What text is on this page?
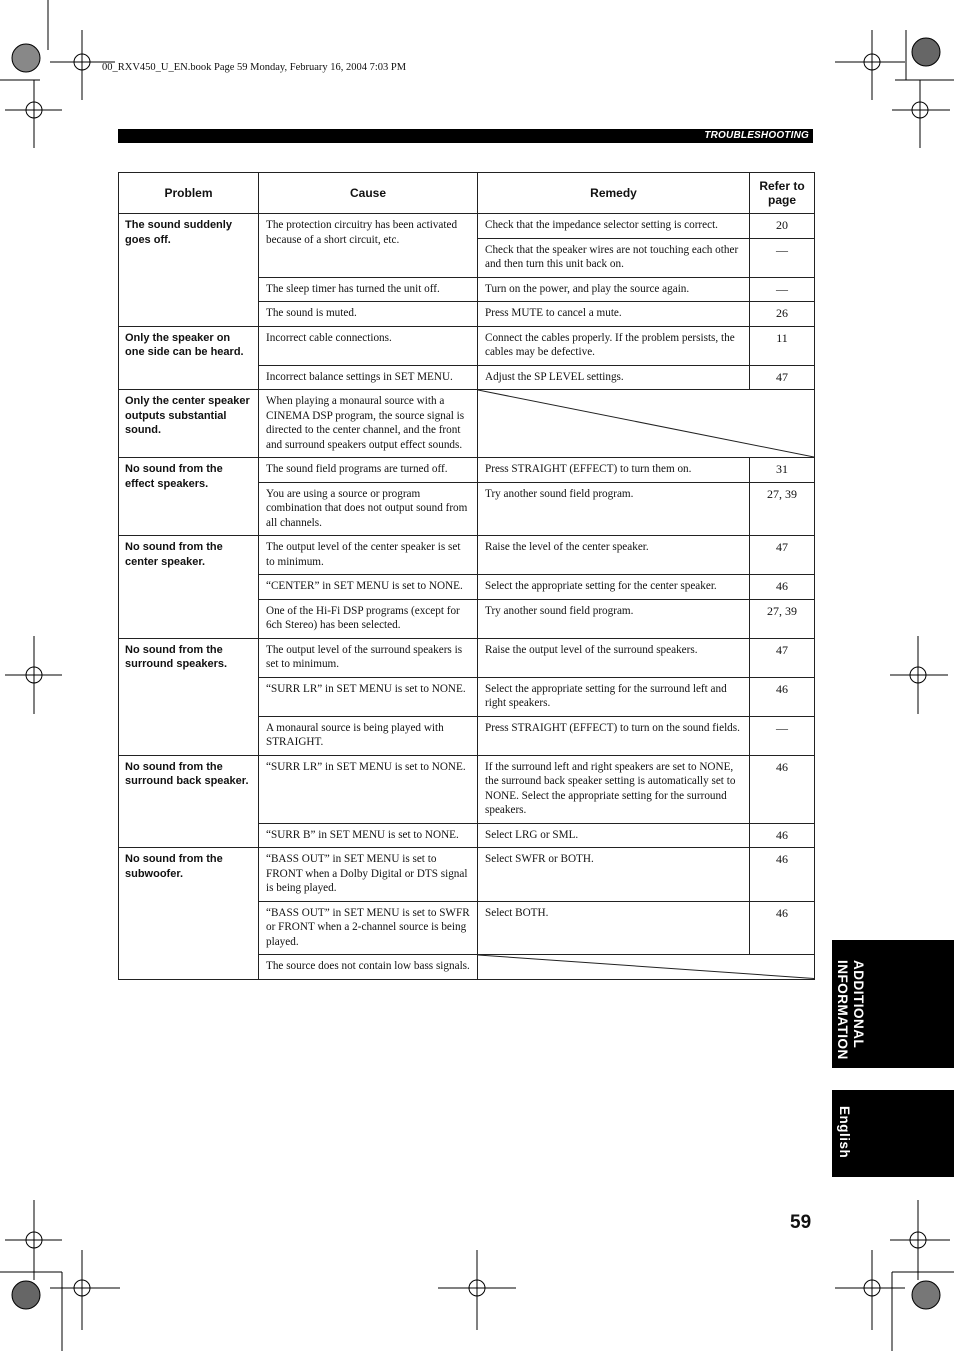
00_RXV450_U_EN.book Page 59 Monday, February 16, 2004 7:03 PM
TROUBLESHOOTING
Problem	Cause	Remedy	Refer to page
The sound suddenly goes off.	The protection circuitry has been activated because of a short circuit, etc.	Check that the impedance selector setting is correct.	20
		Check that the speaker wires are not touching each other and then turn this unit back on.	—
	The sleep timer has turned the unit off.	Turn on the power, and play the source again.	—
	The sound is muted.	Press MUTE to cancel a mute.	26
Only the speaker on one side can be heard.	Incorrect cable connections.	Connect the cables properly. If the problem persists, the cables may be defective.	11
	Incorrect balance settings in SET MENU.	Adjust the SP LEVEL settings.	47
Only the center speaker outputs substantial sound.	When playing a monaural source with a CINEMA DSP program, the source signal is directed to the center channel, and the front and surround speakers output effect sounds.	

No sound from the effect speakers.	The sound field programs are turned off.	Press STRAIGHT (EFFECT) to turn them on.	31
	You are using a source or program combination that does not output sound from all channels.	Try another sound field program.	27, 39
No sound from the center speaker.	The output level of the center speaker is set to minimum.	Raise the level of the center speaker.	47
	“CENTER” in SET MENU is set to NONE.	Select the appropriate setting for the center speaker.	46
	One of the Hi-Fi DSP programs (except for 6ch Stereo) has been selected.	Try another sound field program.	27, 39
No sound from the surround speakers.	The output level of the surround speakers is set to minimum.	Raise the output level of the surround speakers.	47
	“SURR LR” in SET MENU is set to NONE.	Select the appropriate setting for the surround left and right speakers.	46
	A monaural source is being played with STRAIGHT.	Press STRAIGHT (EFFECT) to turn on the sound fields.	—
No sound from the surround back speaker.	“SURR LR” in SET MENU is set to NONE.	If the surround left and right speakers are set to NONE, the surround back speaker setting is automatically set to NONE. Select the appropriate setting for the surround speakers.	46
	“SURR B” in SET MENU is set to NONE.	Select LRG or SML.	46
No sound from the subwoofer.	“BASS OUT” in SET MENU is set to FRONT when a Dolby Digital or DTS signal is being played.	Select SWFR or BOTH.	46
	“BASS OUT” in SET MENU is set to SWFR or FRONT when a 2-channel source is being played.	Select BOTH.	46
	The source does not contain low bass signals.		ADDITIONAL
INFORMATION
English
59
